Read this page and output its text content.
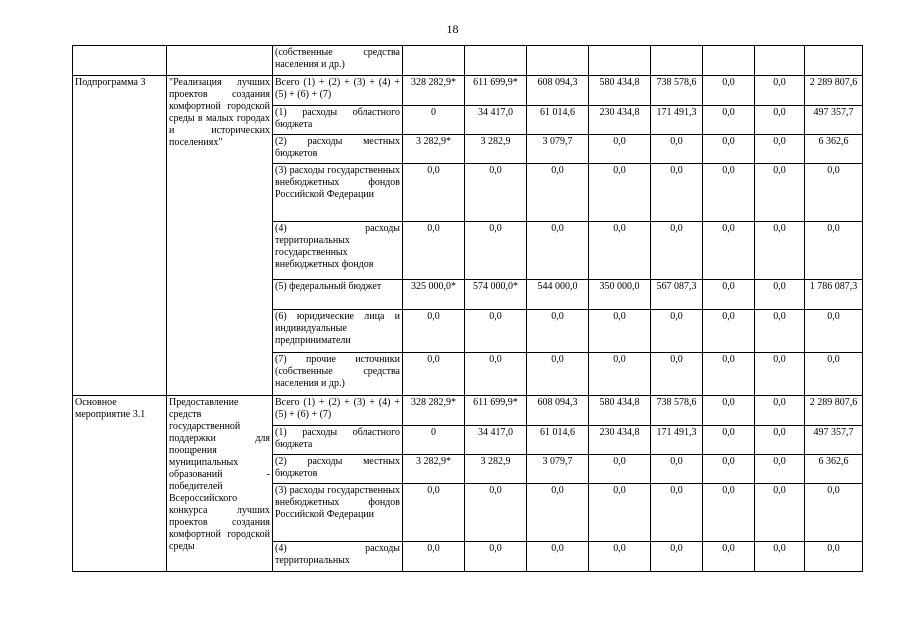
18
		(собственные средства населения и др.)								
Подпрограмма 3	"Реализация лучших проектов создания комфортной городской среды в малых городах и исторических поселениях"	Всего (1) + (2) + (3) + (4) + (5) + (6) + (7)	328 282,9*	611 699,9*	608 094,3	580 434,8	738 578,6	0,0	0,0	2 289 807,6
		(1) расходы областного бюджета	0	34 417,0	61 014,6	230 434,8	171 491,3	0,0	0,0	497 357,7
		(2) расходы местных бюджетов	3 282,9*	3 282,9	3 079,7	0,0	0,0	0,0	0,0	6 362,6
		(3) расходы государственных внебюджетных фондов Российской Федерации	0,0	0,0	0,0	0,0	0,0	0,0	0,0	0,0
		(4) расходы территориальных государственных внебюджетных фондов	0,0	0,0	0,0	0,0	0,0	0,0	0,0	0,0
		(5) федеральный бюджет	325 000,0*	574 000,0*	544 000,0	350 000,0	567 087,3	0,0	0,0	1 786 087,3
		(6) юридические лица и индивидуальные предприниматели	0,0	0,0	0,0	0,0	0,0	0,0	0,0	0,0
		(7) прочие источники (собственные средства населения и др.)	0,0	0,0	0,0	0,0	0,0	0,0	0,0	0,0
Основное мероприятие 3.1	Предоставление средств государственной поддержки для поощрения муниципальных образований - победителей Всероссийского конкурса лучших проектов создания комфортной городской среды	Всего (1) + (2) + (3) + (4) + (5) + (6) + (7)	328 282,9*	611 699,9*	608 094,3	580 434,8	738 578,6	0,0	0,0	2 289 807,6
		(1) расходы областного бюджета	0	34 417,0	61 014,6	230 434,8	171 491,3	0,0	0,0	497 357,7
		(2) расходы местных бюджетов	3 282,9*	3 282,9	3 079,7	0,0	0,0	0,0	0,0	6 362,6
		(3) расходы государственных внебюджетных фондов Российской Федерации	0,0	0,0	0,0	0,0	0,0	0,0	0,0	0,0
		(4) расходы территориальных	0,0	0,0	0,0	0,0	0,0	0,0	0,0	0,0
